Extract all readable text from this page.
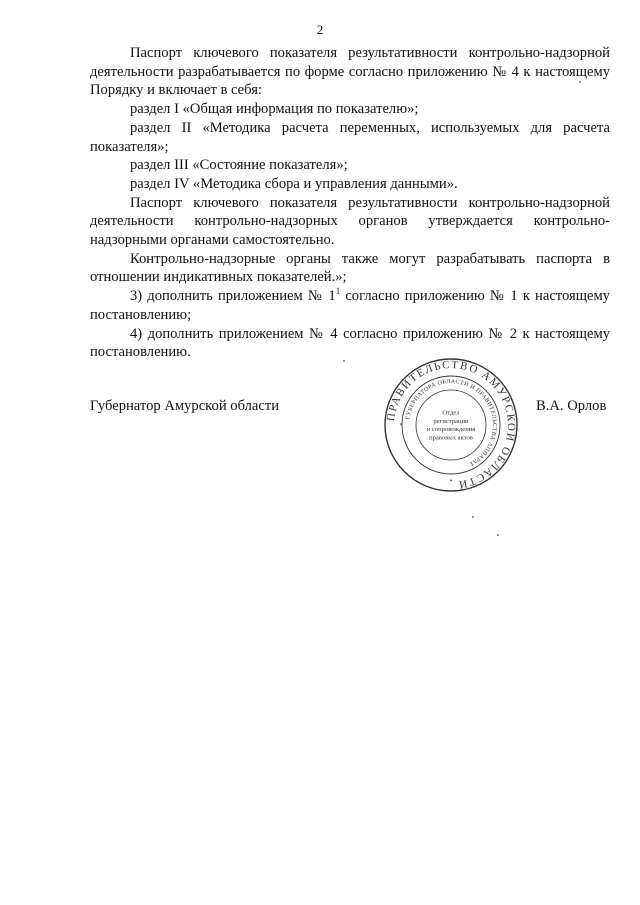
2

Паспорт ключевого показателя результативности контрольно-надзорной деятельности разрабатывается по форме согласно приложению № 4 к настоящему Порядку и включает в себя:

раздел I «Общая информация по показателю»;

раздел II «Методика расчета переменных, используемых для расчета показателя»;

раздел III «Состояние показателя»;

раздел IV «Методика сбора и управления данными».

Паспорт ключевого показателя результативности контрольно-надзорной деятельности контрольно-надзорных органов утверждается контрольно-надзорными органами самостоятельно.

Контрольно-надзорные органы также могут разрабатывать паспорта в отношении индикативных показателей.»;

3) дополнить приложением № $1^1$ согласно приложению № 1 к настоящему постановлению;

4) дополнить приложением № 4 согласно приложению № 2 к настоящему постановлению.

Губернатор Амурской области	В.А. Орлов
ПРАВИТЕЛЬСТВО АМУРСКОЙ ОБЛАСТИ
ГУБЕРНАТОРА ОБЛАСТИ И ПРАВИТЕЛЬСТВА АППАРАТ
Отдел
регистрации
и сопровождения
правовых актов
•
*
